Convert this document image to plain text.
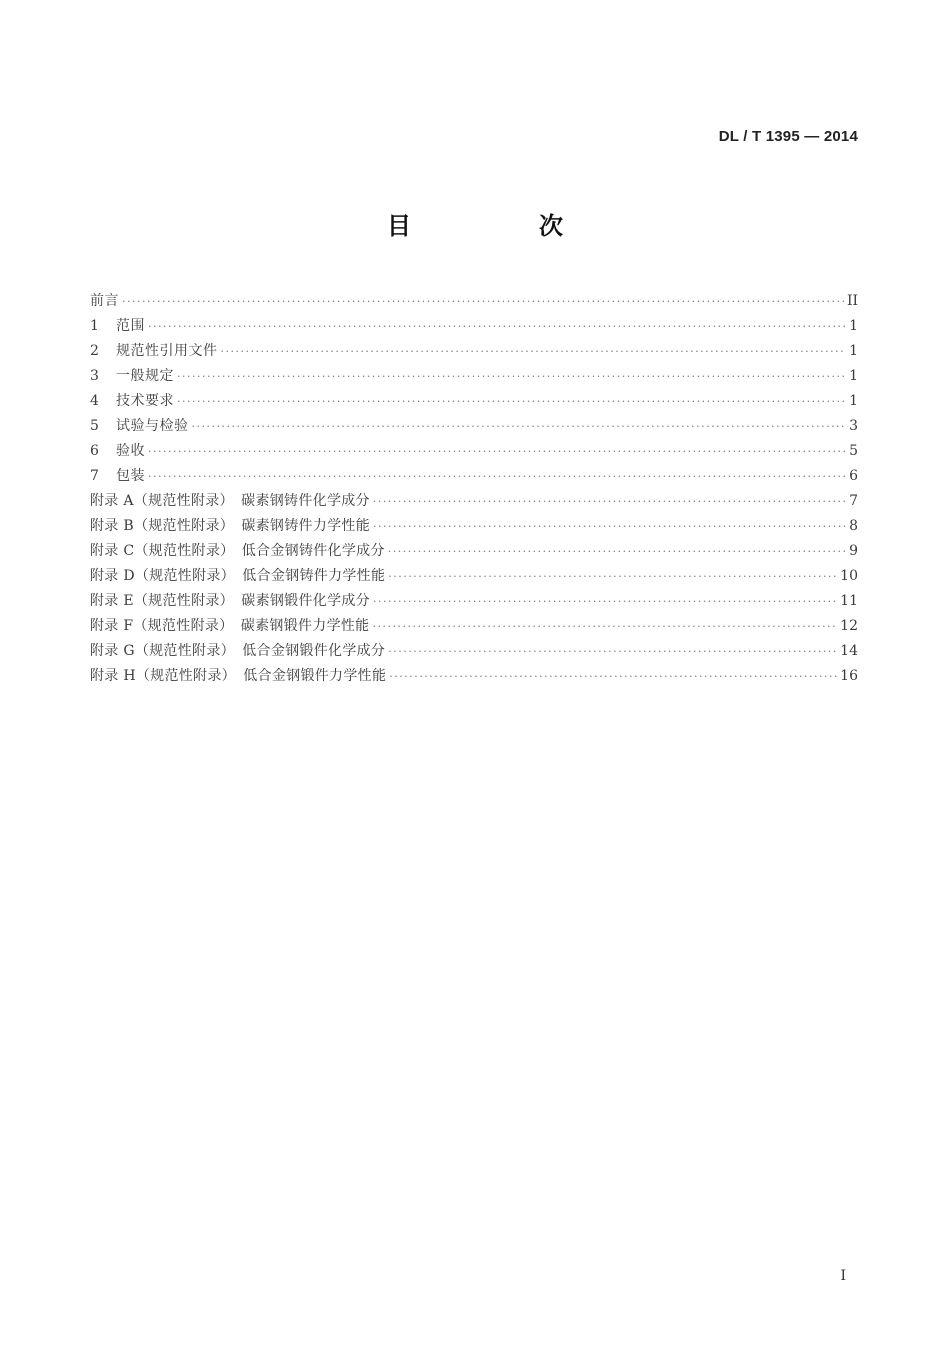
DL / T 1395 — 2014
目　次
前言 ·····	II
1	范围 ·····	1
2	规范性引用文件 ·····	1
3	一般规定 ·····	1
4	技术要求 ·····	1
5	试验与检验 ·····	3
6	验收 ·····	5
7	包装 ·····	6
附录 A（规范性附录）　碳素钢铸件化学成分 ·····	7
附录 B（规范性附录）　碳素钢铸件力学性能 ·····	8
附录 C（规范性附录）　低合金钢铸件化学成分 ·····	9
附录 D（规范性附录）　低合金钢铸件力学性能 ·····	10
附录 E（规范性附录）　碳素钢锻件化学成分 ·····	11
附录 F（规范性附录）　碳素钢锻件力学性能 ·····	12
附录 G（规范性附录）　低合金钢锻件化学成分 ·····	14
附录 H（规范性附录）　低合金钢锻件力学性能 ·····	16
I
